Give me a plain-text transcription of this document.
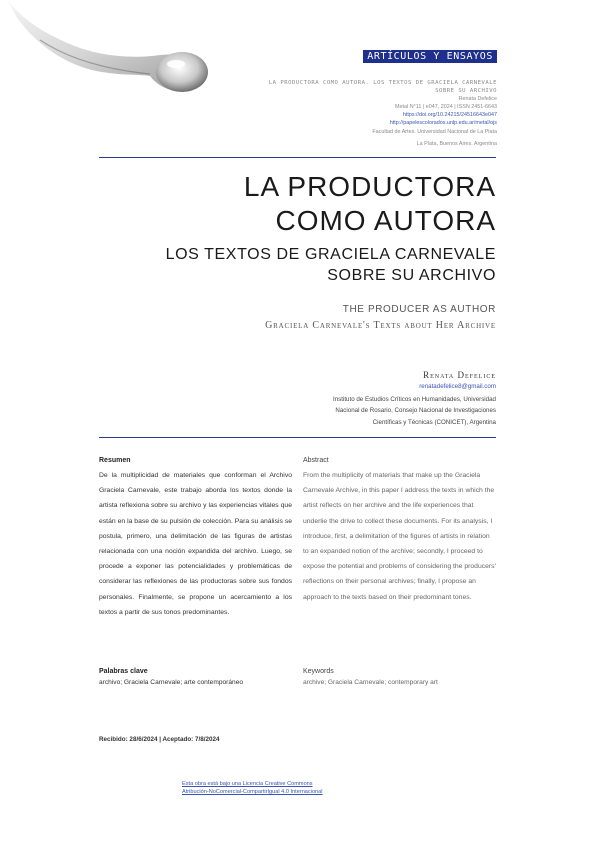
ARTÍCULOS Y ENSAYOS
LA PRODUCTORA COMO AUTORA. LOS TEXTOS DE GRACIELA CARNEVALE
SOBRE SU ARCHIVO
Renata Defelice
Metal N°11 | e047, 2024 | ISSN 2451-6643
https://doi.org/10.24215/24516643e047
http://papelescolorados.unlp.edu.ar/metal/ojs
Facultad de Artes. Universidad Nacional de La Plata
La Plata, Buenos Aires. Argentina
LA PRODUCTORA
COMO AUTORA
LOS TEXTOS DE GRACIELA CARNEVALE
SOBRE SU ARCHIVO
THE PRODUCER AS AUTHOR
Graciela Carnevale's Texts about Her Archive
Renata Defelice
renatadefelice8@gmail.com
Instituto de Estudios Críticos en Humanidades, Universidad
Nacional de Rosario, Consejo Nacional de Investigaciones
Científicas y Técnicas (CONICET), Argentina
Resumen
De la multiplicidad de materiales que conforman el Archivo Graciela Carnevale, este trabajo aborda los textos donde la artista reflexiona sobre su archivo y las experiencias vitales que están en la base de su pulsión de colección. Para su análisis se postula, primero, una delimitación de las figuras de artistas relacionada con una noción expandida del archivo. Luego, se procede a exponer las potencialidades y problemáticas de considerar las reflexiones de las productoras sobre sus fondos personales. Finalmente, se propone un acercamiento a los textos a partir de sus tonos predominantes.
Abstract
From the multiplicity of materials that make up the Graciela Carnevale Archive, in this paper I address the texts in which the artist reflects on her archive and the life experiences that underlie the drive to collect these documents. For its analysis, I introduce, first, a delimitation of the figures of artists in relation to an expanded notion of the archive; secondly, I proceed to expose the potential and problems of considering the producers' reflections on their personal archives; finally, I propose an approach to the texts based on their predominant tones.
Palabras clave
archivo; Graciela Carnevale; arte contemporáneo
Keywords
archive; Graciela Carnevale; contemporary art
Recibido: 28/6/2024 | Aceptado: 7/8/2024
Esta obra está bajo una Licencia Creative Commons
Atribución-NoComercial-CompartirIgual 4.0 Internacional
